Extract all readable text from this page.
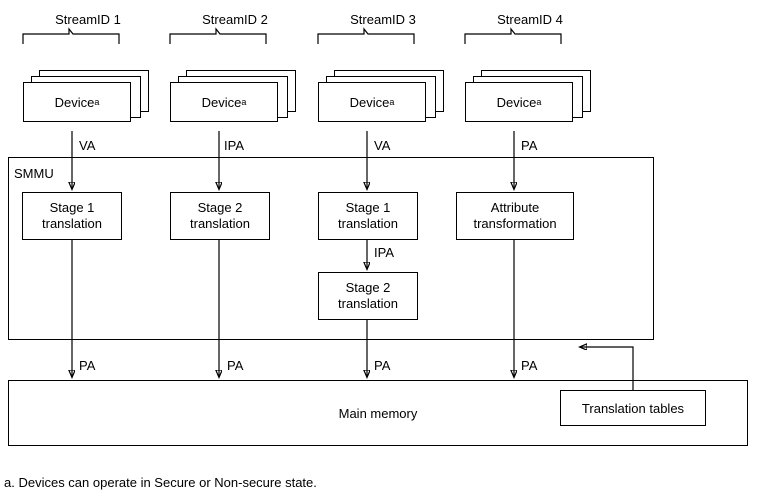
StreamID 1	StreamID 2	StreamID 3	StreamID 4
SMMU
Device a	Device a	Device a	Device a
Stage 1
translation
Stage 2
translation
Stage 1
translation
Stage 2
translation
Attribute
transformation
Main memory	Translation tables
VA	IPA	VA	PA
IPA
PA	PA	PA	PA
a. Devices can operate in Secure or Non-secure state.
